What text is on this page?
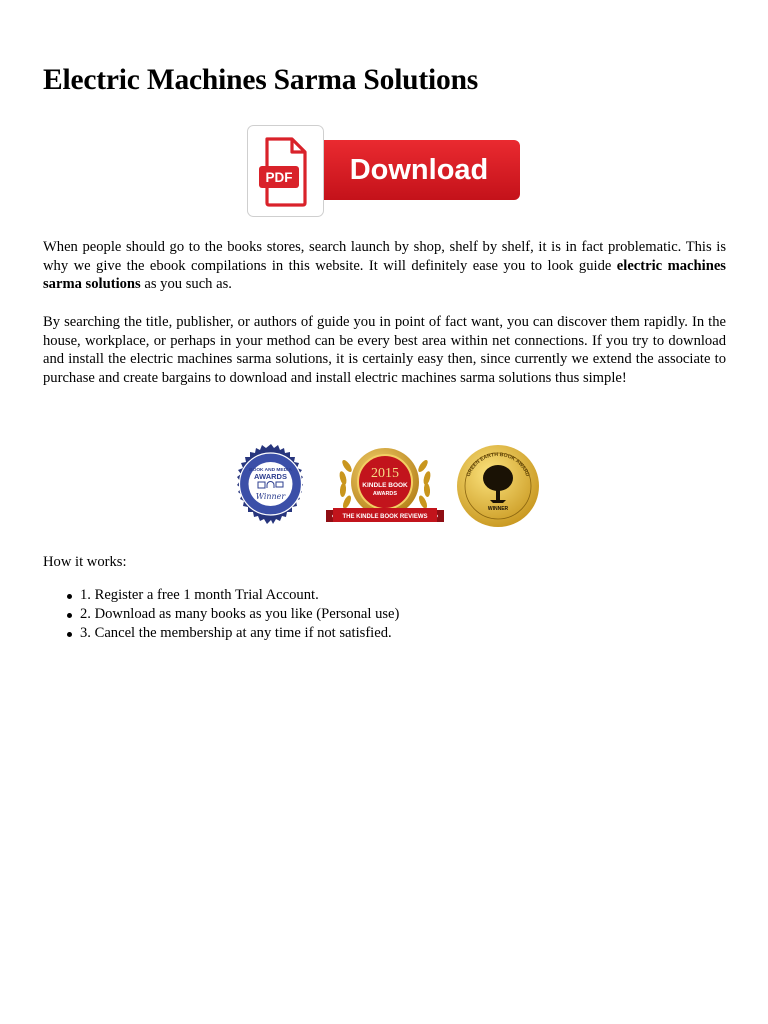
Electric Machines Sarma Solutions
PDF Download

When people should go to the books stores, search launch by shop, shelf by shelf, it is in fact problematic. This is why we give the ebook compilations in this website. It will definitely ease you to look guide electric machines sarma solutions as you such as.

By searching the title, publisher, or authors of guide you in point of fact want, you can discover them rapidly. In the house, workplace, or perhaps in your method can be every best area within net connections. If you try to download and install the electric machines sarma solutions, it is certainly easy then, since currently we extend the associate to purchase and create bargains to download and install electric machines sarma solutions thus simple!

BOOK AND MEDIA
AWARDS
Winner
2015
KINDLE BOOK
AWARDS
THE KINDLE BOOK REVIEWS
GREEN EARTH BOOK AWARD
WINNER

How it works:

1. Register a free 1 month Trial Account.
2. Download as many books as you like (Personal use)
3. Cancel the membership at any time if not satisfied.
